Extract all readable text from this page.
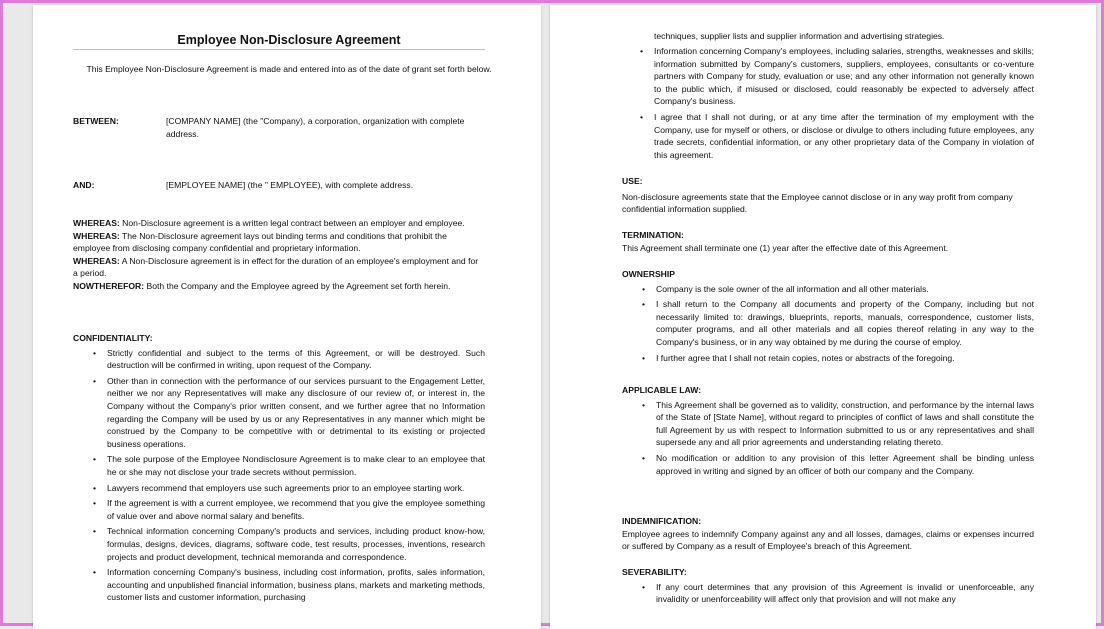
Employee Non-Disclosure Agreement
This Employee Non-Disclosure Agreement is made and entered into as of the date of grant set forth below.
BETWEEN:	[COMPANY NAME] (the "Company), a corporation, organization with complete address.
AND:	[EMPLOYEE NAME] (the " EMPLOYEE), with complete address.

WHEREAS: Non-Disclosure agreement is a written legal contract between an employer and employee.

WHEREAS: The Non-Disclosure agreement lays out binding terms and conditions that prohibit the employee from disclosing company confidential and proprietary information.

WHEREAS: A Non-Disclosure agreement is in effect for the duration of an employee's employment and for a period.

NOWTHEREFOR: Both the Company and the Employee agreed by the Agreement set forth herein.

CONFIDENTIALITY:

• Strictly confidential and subject to the terms of this Agreement, or will be destroyed. Such destruction will be confirmed in writing, upon request of the Company.
• Other than in connection with the performance of our services pursuant to the Engagement Letter, neither we nor any Representatives will make any disclosure of our review of, or interest in, the Company without the Company's prior written consent, and we further agree that no Information regarding the Company will be used by us or any Representatives in any manner which might be construed by the Company to be competitive with or detrimental to its existing or projected business operations.
• The sole purpose of the Employee Nondisclosure Agreement is to make clear to an employee that he or she may not disclose your trade secrets without permission.
• Lawyers recommend that employers use such agreements prior to an employee starting work.
• If the agreement is with a current employee, we recommend that you give the employee something of value over and above normal salary and benefits.
• Technical information concerning Company's products and services, including product know-how, formulas, designs, devices, diagrams, software code, test results, processes, inventions, research projects and product development, technical memoranda and correspondence.
• Information concerning Company's business, including cost information, profits, sales information, accounting and unpublished financial information, business plans, markets and marketing methods, customer lists and customer information, purchasing
techniques, supplier lists and supplier information and advertising strategies.
• Information concerning Company's employees, including salaries, strengths, weaknesses and skills; information submitted by Company's customers, suppliers, employees, consultants or co-venture partners with Company for study, evaluation or use; and any other information not generally known to the public which, if misused or disclosed, could reasonably be expected to adversely affect Company's business.
• I agree that I shall not during, or at any time after the termination of my employment with the Company, use for myself or others, or disclose or divulge to others including future employees, any trade secrets, confidential information, or any other proprietary data of the Company in violation of this agreement.

USE:

Non-disclosure agreements state that the Employee cannot disclose or in any way profit from company confidential information supplied.

TERMINATION:

This Agreement shall terminate one (1) year after the effective date of this Agreement.

OWNERSHIP

• Company is the sole owner of the all information and all other materials.
• I shall return to the Company all documents and property of the Company, including but not necessarily limited to: drawings, blueprints, reports, manuals, correspondence, customer lists, computer programs, and all other materials and all copies thereof relating in any way to the Company's business, or in any way obtained by me during the course of employ.
• I further agree that I shall not retain copies, notes or abstracts of the foregoing.

APPLICABLE LAW:

• This Agreement shall be governed as to validity, construction, and performance by the internal laws of the State of [State Name], without regard to principles of conflict of laws and shall constitute the full Agreement by us with respect to Information submitted to us or any representatives and shall supersede any and all prior agreements and understanding relating thereto.
• No modification or addition to any provision of this letter Agreement shall be binding unless approved in writing and signed by an officer of both our company and the Company.

INDEMNIFICATION:

Employee agrees to indemnify Company against any and all losses, damages, claims or expenses incurred or suffered by Company as a result of Employee's breach of this Agreement.

SEVERABILITY:

• If any court determines that any provision of this Agreement is invalid or unenforceable, any invalidity or unenforceability will affect only that provision and will not make any
